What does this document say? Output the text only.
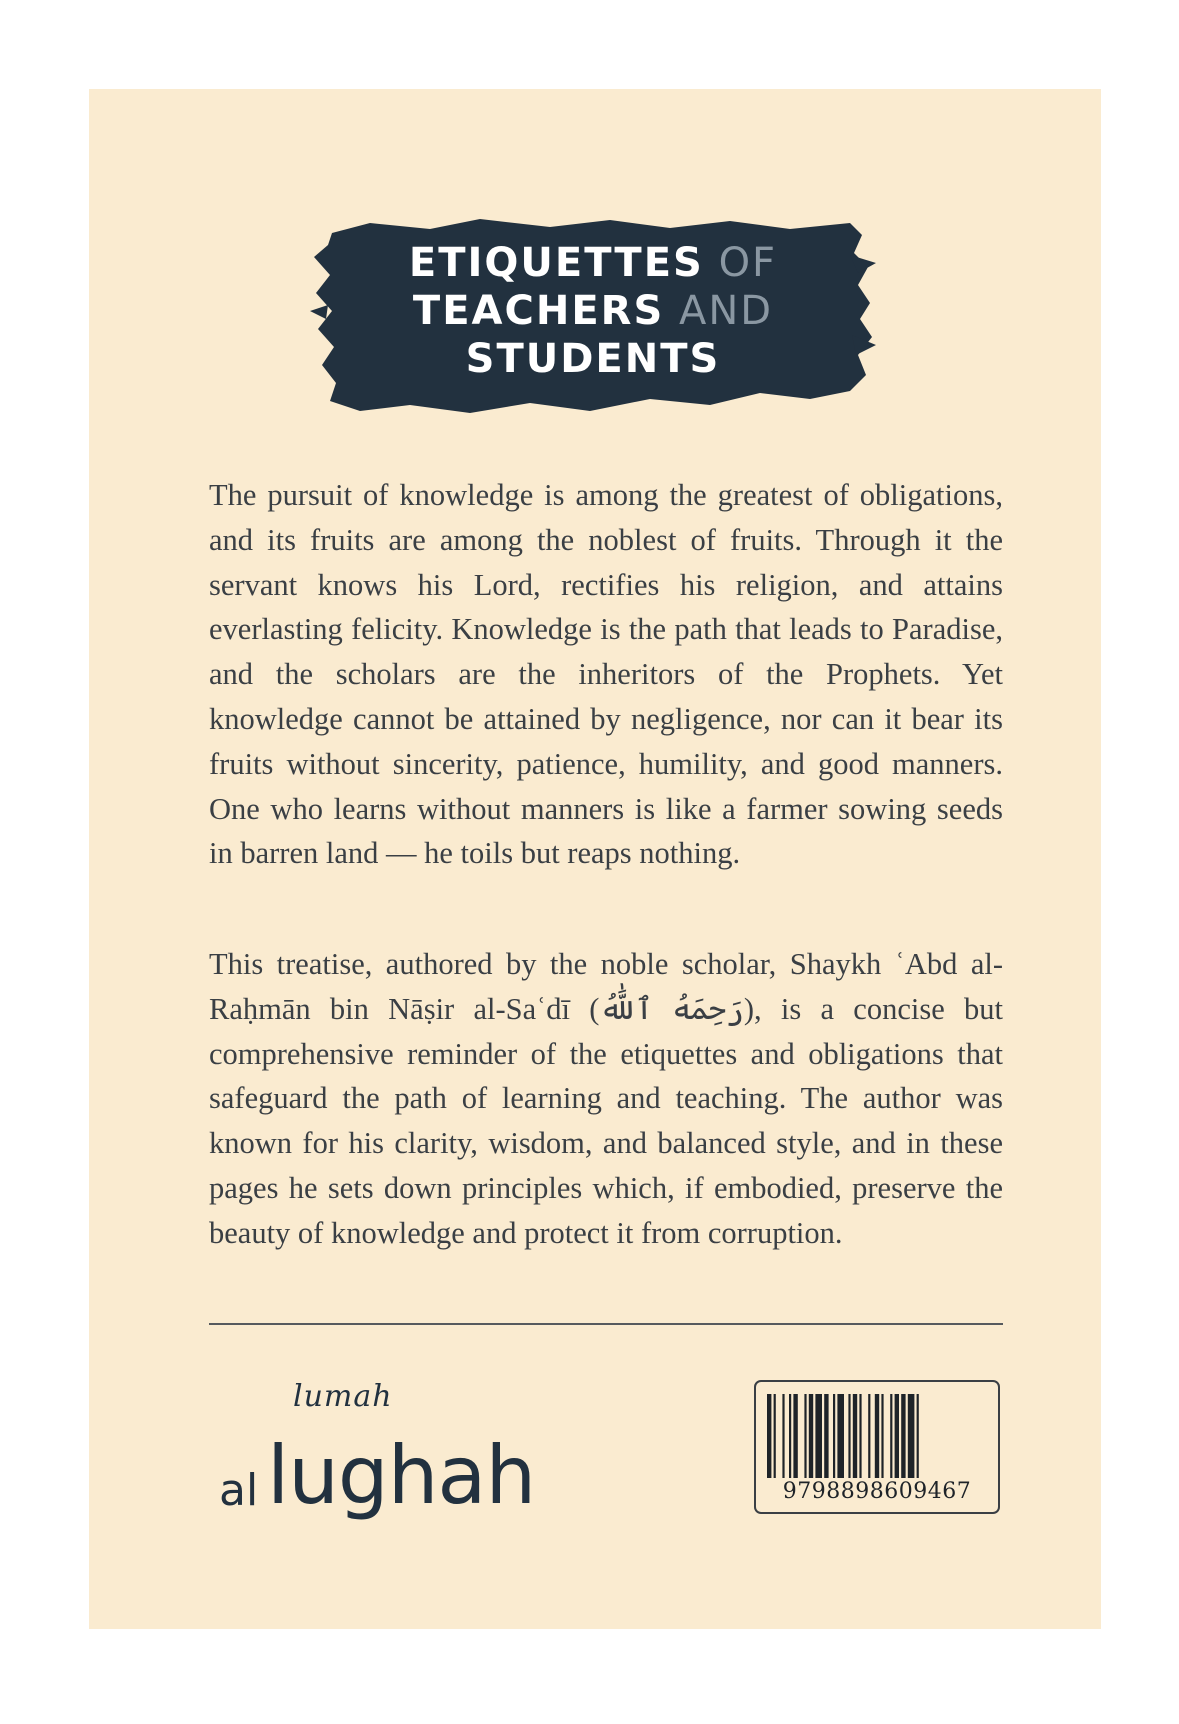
ETIQUETTES OF
TEACHERS AND
STUDENTS

The pursuit of knowledge is among the greatest of obligations, and its fruits are among the noblest of fruits. Through it the servant knows his Lord, rectifies his religion, and attains everlasting felicity. Knowledge is the path that leads to Paradise, and the scholars are the inheritors of the Prophets. Yet knowledge cannot be attained by negligence, nor can it bear its fruits without sincerity, patience, humility, and good manners. One who learns without manners is like a farmer sowing seeds in barren land — he toils but reaps nothing.

This treatise, authored by the noble scholar, Shaykh ʿAbd al-Raḥmān bin Nāṣir al-Saʿdī (رَحِمَهُ ٱللَّٰهُ), is a concise but comprehensive reminder of the etiquettes and obligations that safeguard the path of learning and teaching. The author was known for his clarity, wisdom, and balanced style, and in these pages he sets down principles which, if embodied, preserve the beauty of knowledge and protect it from corruption.

lumah
al lughah	9798898609467
